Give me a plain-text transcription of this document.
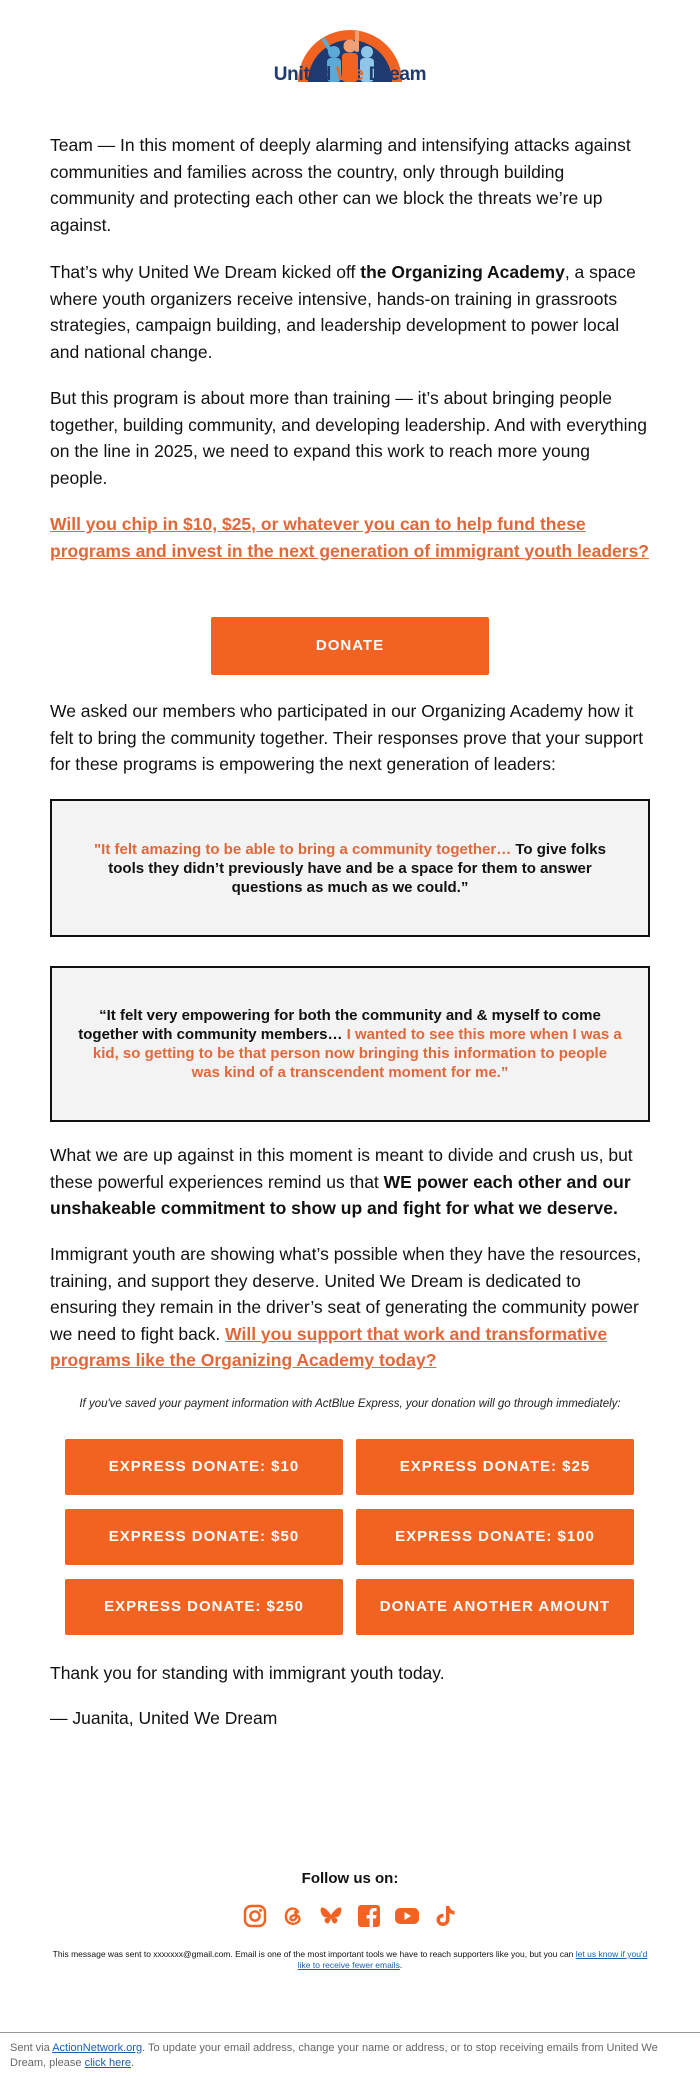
United We Dream
Team — In this moment of deeply alarming and intensifying attacks against communities and families across the country, only through building community and protecting each other can we block the threats we’re up against.
That’s why United We Dream kicked off the Organizing Academy, a space where youth organizers receive intensive, hands-on training in grassroots strategies, campaign building, and leadership development to power local and national change.
But this program is about more than training — it’s about bringing people together, building community, and developing leadership. And with everything on the line in 2025, we need to expand this work to reach more young people.
Will you chip in $10, $25, or whatever you can to help fund these programs and invest in the next generation of immigrant youth leaders?
DONATE
We asked our members who participated in our Organizing Academy how it felt to bring the community together. Their responses prove that your support for these programs is empowering the next generation of leaders:
"It felt amazing to be able to bring a community together… To give folks tools they didn’t previously have and be a space for them to answer questions as much as we could.”
“It felt very empowering for both the community and & myself to come together with community members… I wanted to see this more when I was a kid, so getting to be that person now bringing this information to people was kind of a transcendent moment for me.”
What we are up against in this moment is meant to divide and crush us, but these powerful experiences remind us that WE power each other and our unshakeable commitment to show up and fight for what we deserve.
Immigrant youth are showing what’s possible when they have the resources, training, and support they deserve. United We Dream is dedicated to ensuring they remain in the driver’s seat of generating the community power we need to fight back. Will you support that work and transformative programs like the Organizing Academy today?
If you've saved your payment information with ActBlue Express, your donation will go through immediately:
EXPRESS DONATE: $10	EXPRESS DONATE: $25
EXPRESS DONATE: $50	EXPRESS DONATE: $100
EXPRESS DONATE: $250	DONATE ANOTHER AMOUNT
Thank you for standing with immigrant youth today.
— Juanita, United We Dream
Follow us on:
This message was sent to xxxxxxx@gmail.com. Email is one of the most important tools we have to reach supporters like you, but you can let us know if you'd like to receive fewer emails.
Sent via ActionNetwork.org. To update your email address, change your name or address, or to stop receiving emails from United We Dream, please click here.
